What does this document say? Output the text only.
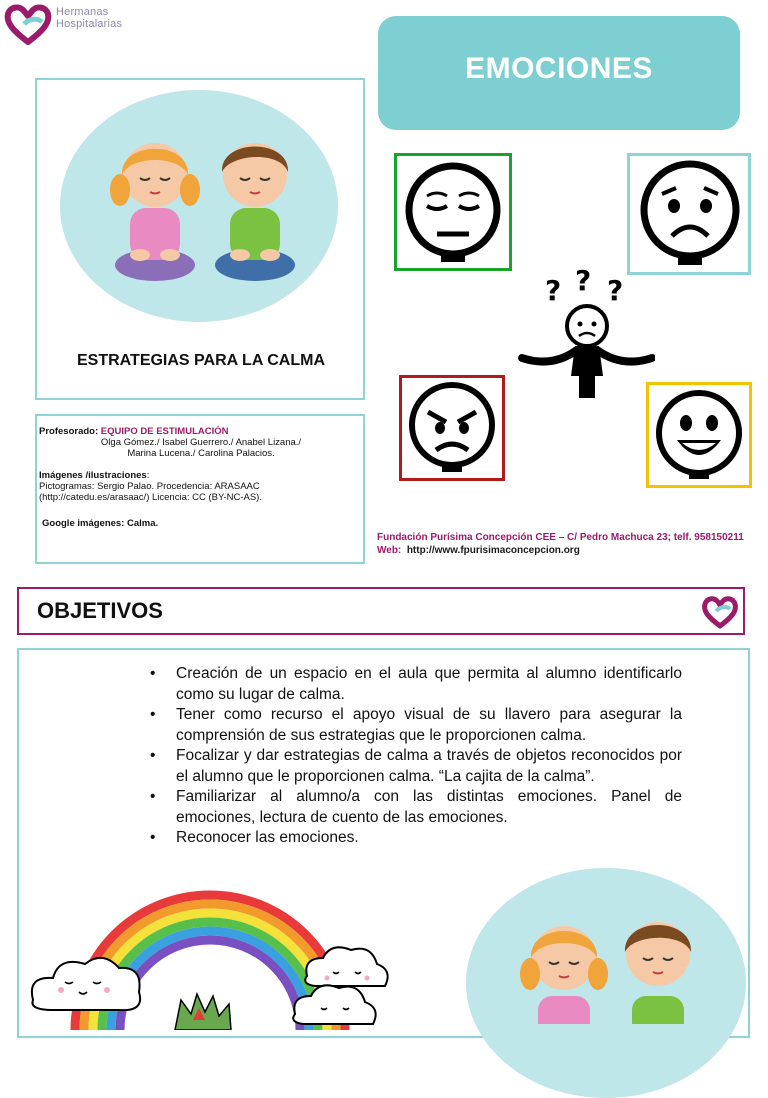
Hermanas
Hospitalarias
EMOCIONES
ESTRATEGIAS PARA LA CALMA
Profesorado: EQUIPO DE ESTIMULACIÓN
Olga Gómez./ Isabel Guerrero./ Anabel Lizana./
Marina Lucena./ Carolina Palacios.
Imágenes /ilustraciones:
Pictogramas: Sergio Palao. Procedencia: ARASAAC
(http://catedu.es/arasaac/) Licencia: CC (BY-NC-AS).
Google imágenes: Calma.
? ? ?
Fundación Purísima Concepción CEE – C/ Pedro Machuca 23; telf. 958150211
Web: http://www.fpurisimaconcepcion.org
OBJETIVOS
• Creación de un espacio en el aula que permita al alumno identificarlo como su lugar de calma.
• Tener como recurso el apoyo visual de su llavero para asegurar la comprensión de sus estrategias que le proporcionen calma.
• Focalizar y dar estrategias de calma a través de objetos reconocidos por el alumno que le proporcionen calma. “La cajita de la calma”.
• Familiarizar al alumno/a con las distintas emociones. Panel de emociones, lectura de cuento de las emociones.
• Reconocer las emociones.
